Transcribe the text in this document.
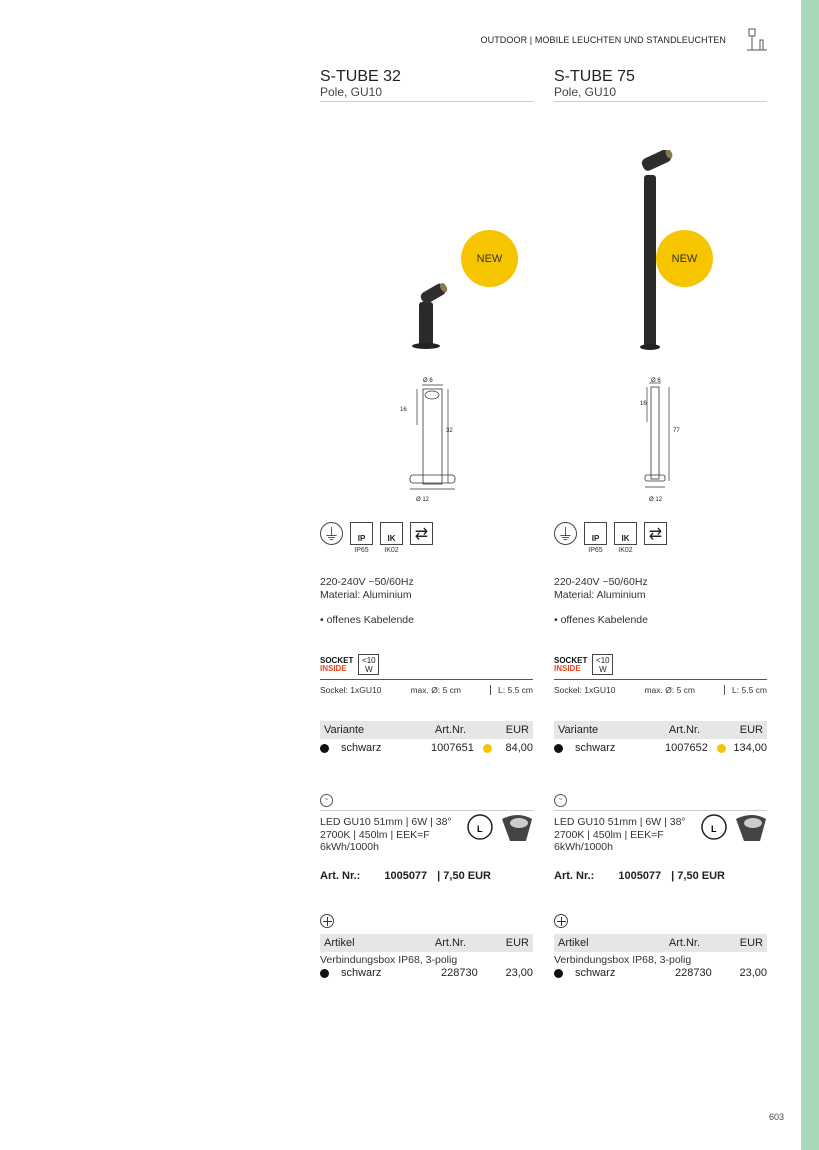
OUTDOOR | MOBILE LEUCHTEN UND STANDLEUCHTEN
S-TUBE 32
Pole, GU10
NEW
Ø 6
16
32
Ø 12
⏚	IP
IP65
IK
IK02
⇄
220-240V ~50/60Hz
Material: Aluminium
• offenes Kabelende
SOCKET
INSIDE
<10
W
Sockel: 1xGU10	max. Ø: 5 cm	L: 5.5 cm
Variante	Art.Nr.	EUR
schwarz	1007651	84,00
~
LED GU10 51mm | 6W | 38°
2700K | 450lm | EEK=F
6kWh/1000h
L
Art. Nr.: 1005077 | 7,50 EUR
Artikel	Art.Nr.	EUR
Verbindungsbox IP68, 3-polig
schwarz	228730	23,00
S-TUBE 75
Pole, GU10
NEW
Ø 6
16
77
Ø 12
⏚	IP
IP65
IK
IK02
⇄
220-240V ~50/60Hz
Material: Aluminium
• offenes Kabelende
SOCKET
INSIDE
<10
W
Sockel: 1xGU10	max. Ø: 5 cm	L: 5.5 cm
Variante	Art.Nr.	EUR
schwarz	1007652	134,00
~
LED GU10 51mm | 6W | 38°
2700K | 450lm | EEK=F
6kWh/1000h
L
Art. Nr.: 1005077 | 7,50 EUR
Artikel	Art.Nr.	EUR
Verbindungsbox IP68, 3-polig
schwarz	228730	23,00
603
